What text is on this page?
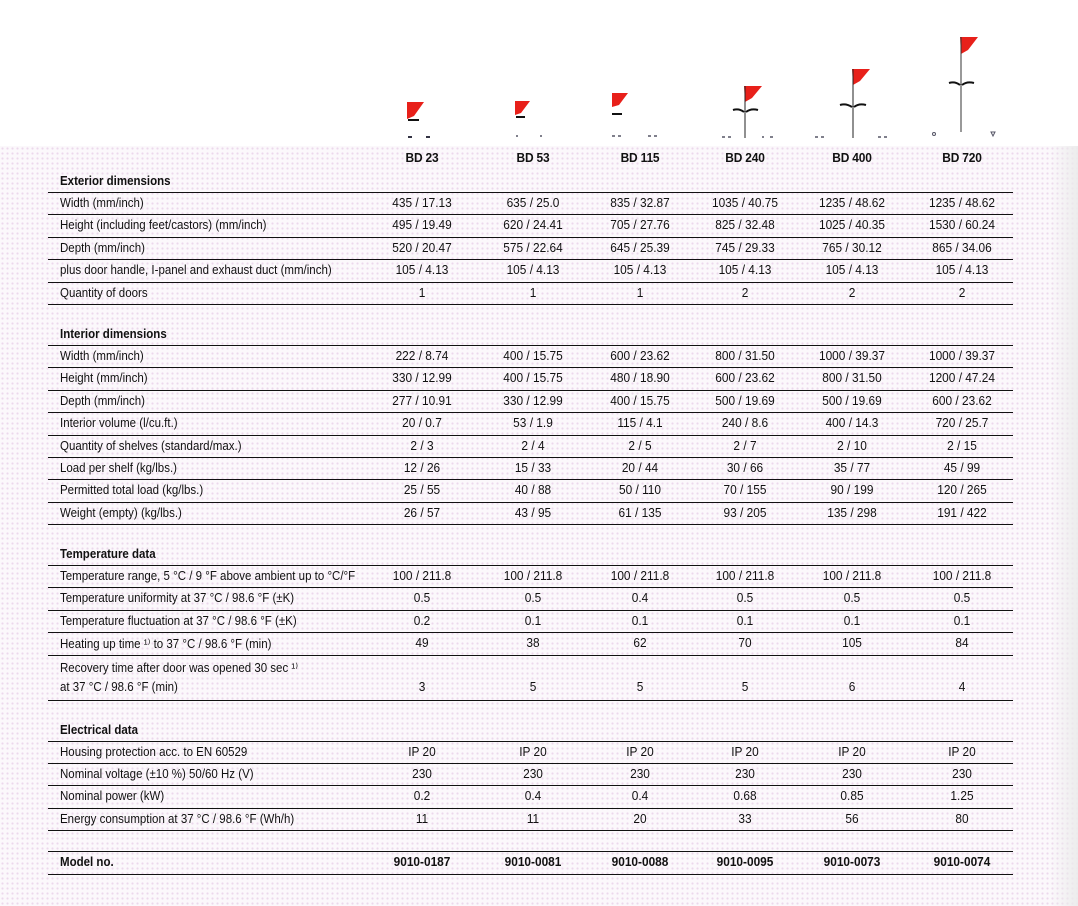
BD 23	BD 53	BD 115	BD 240	BD 400	BD 720
Exterior dimensions
Width (mm/inch)	435 / 17.13	635 / 25.0	835 / 32.87	1035 / 40.75	1235 / 48.62	1235 / 48.62
Height (including feet/castors) (mm/inch)	495 / 19.49	620 / 24.41	705 / 27.76	825 / 32.48	1025 / 40.35	1530 / 60.24
Depth (mm/inch)	520 / 20.47	575 / 22.64	645 / 25.39	745 / 29.33	765 / 30.12	865 / 34.06
plus door handle, I-panel and exhaust duct (mm/inch)	105 / 4.13	105 / 4.13	105 / 4.13	105 / 4.13	105 / 4.13	105 / 4.13
Quantity of doors	1	1	1	2	2	2
Interior dimensions
Width (mm/inch)	222 / 8.74	400 / 15.75	600 / 23.62	800 / 31.50	1000 / 39.37	1000 / 39.37
Height (mm/inch)	330 / 12.99	400 / 15.75	480 / 18.90	600 / 23.62	800 / 31.50	1200 / 47.24
Depth (mm/inch)	277 / 10.91	330 / 12.99	400 / 15.75	500 / 19.69	500 / 19.69	600 / 23.62
Interior volume (l/cu.ft.)	20 / 0.7	53 / 1.9	115 / 4.1	240 / 8.6	400 / 14.3	720 / 25.7
Quantity of shelves (standard/max.)	2 / 3	2 / 4	2 / 5	2 / 7	2 / 10	2 / 15
Load per shelf (kg/lbs.)	12 / 26	15 / 33	20 / 44	30 / 66	35 / 77	45 / 99
Permitted total load (kg/lbs.)	25 / 55	40 / 88	50 / 110	70 / 155	90 / 199	120 / 265
Weight (empty) (kg/lbs.)	26 / 57	43 / 95	61 / 135	93 / 205	135 / 298	191 / 422
Temperature data
Temperature range, 5 °C / 9 °F above ambient up to °C/°F	100 / 211.8	100 / 211.8	100 / 211.8	100 / 211.8	100 / 211.8	100 / 211.8
Temperature uniformity at 37 °C / 98.6 °F (±K)	0.5	0.5	0.4	0.5	0.5	0.5
Temperature fluctuation at 37 °C / 98.6 °F (±K)	0.2	0.1	0.1	0.1	0.1	0.1
Heating up time ¹⁾ to 37 °C / 98.6 °F (min)	49	38	62	70	105	84
Recovery time after door was opened 30 sec ¹⁾
at 37 °C / 98.6 °F (min)	3	5	5	5	6	4
Electrical data
Housing protection acc. to EN 60529	IP 20	IP 20	IP 20	IP 20	IP 20	IP 20
Nominal voltage (±10 %) 50/60 Hz (V)	230	230	230	230	230	230
Nominal power (kW)	0.2	0.4	0.4	0.68	0.85	1.25
Energy consumption at 37 °C / 98.6 °F (Wh/h)	11	11	20	33	56	80
Model no.	9010-0187	9010-0081	9010-0088	9010-0095	9010-0073	9010-0074
